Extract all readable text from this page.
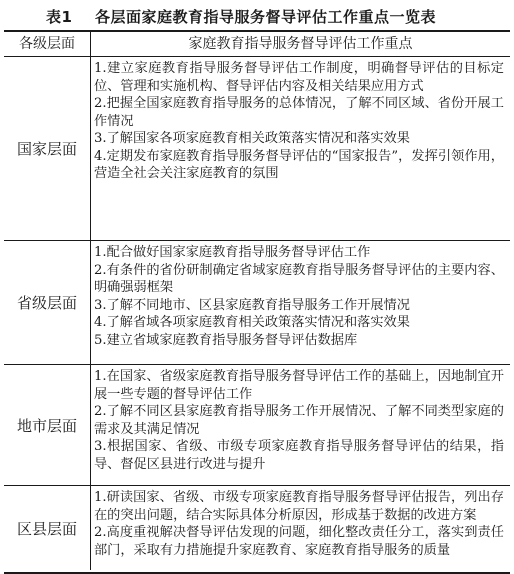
表1 各层面家庭教育指导服务督导评估工作重点一览表
各级层面	家庭教育指导服务督导评估工作重点
国家层面
1.建立家庭教育指导服务督导评估工作制度，明确督导评估的目标定位、管理和实施机构、督导评估内容及相关结果应用方式
2.把握全国家庭教育指导服务的总体情况，了解不同区域、省份开展工作情况
3.了解国家各项家庭教育相关政策落实情况和落实效果
4.定期发布家庭教育指导服务督导评估的“国家报告”，发挥引领作用，营造全社会关注家庭教育的氛围
省级层面
1.配合做好国家家庭教育指导服务督导评估工作
2.有条件的省份研制确定省域家庭教育指导服务督导评估的主要内容、明确强弱框架
3.了解不同地市、区县家庭教育指导服务工作开展情况
4.了解省域各项家庭教育相关政策落实情况和落实效果
5.建立省域家庭教育指导服务督导评估数据库
地市层面
1.在国家、省级家庭教育指导服务督导评估工作的基础上，因地制宜开展一些专题的督导评估工作
2.了解不同区县家庭教育指导服务工作开展情况、了解不同类型家庭的需求及其满足情况
3.根据国家、省级、市级专项家庭教育指导服务督导评估的结果，指导、督促区县进行改进与提升
区县层面
1.研读国家、省级、市级专项家庭教育指导服务督导评估报告，列出存在的突出问题，结合实际具体分析原因，形成基于数据的改进方案
2.高度重视解决督导评估发现的问题，细化整改责任分工，落实到责任部门，采取有力措施提升家庭教育、家庭教育指导服务的质量
